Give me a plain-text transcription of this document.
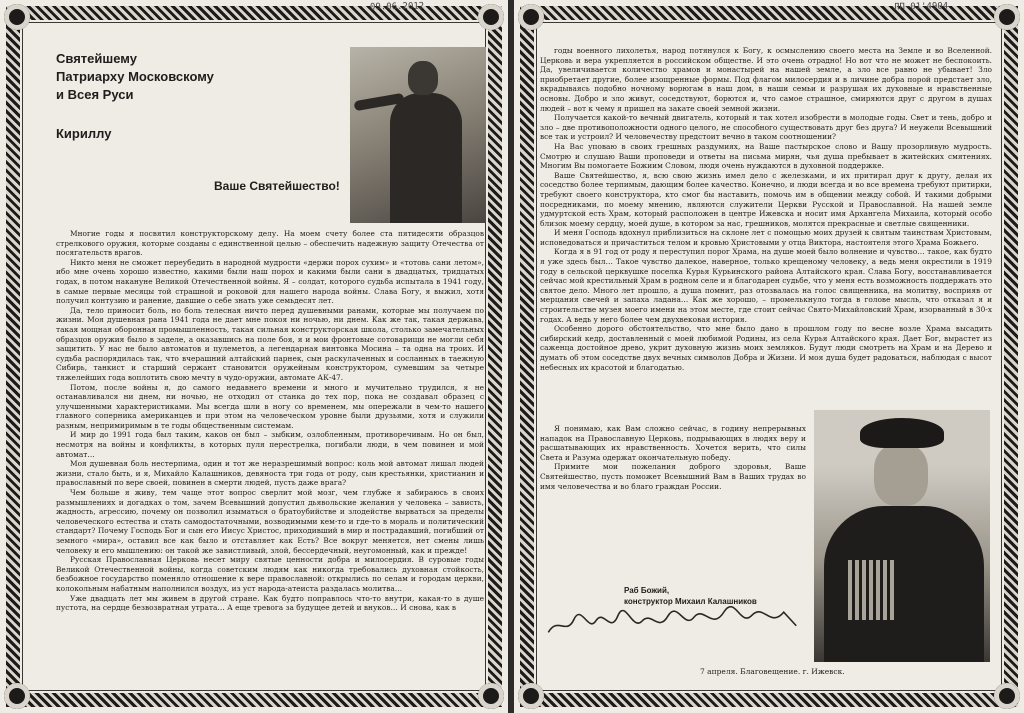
09.06.2012
Святейшему
Патриарху Московскому
и Всея Руси
Кириллу
Ваше Святейшество!

Многие годы я посвятил конструкторскому делу. На моем счету более ста пятидесяти образцов стрелкового оружия, которые созданы с единственной целью – обеспечить надежную защиту Отечества от посягательств врагов.

Никто меня не сможет переубедить в народной мудрости «держи порох сухим» и «тотовь сани летом», ибо мне очень хорошо известно, какими были наш порох и какими были сани в двадцатых, тридцатых годах, в потом накануне Великой Отечественной войны. Я – солдат, которого судьба испытала в 1941 году, в самые первые месяцы той страшной и роковой для нашего народа войны. Слава Богу, я выжил, хотя получил контузию и ранение, давшие о себе знать уже семьдесят лет.

Да, тело приносит боль, но боль телесная ничто перед душевными ранами, которые мы получаем по жизни. Моя душевная рана 1941 года не дает мне покоя ни ночью, ни днем. Как же так, такая держава, такая мощная оборонная промышленность, такая сильная конструкторская школа, столько замечательных образцов оружия было в заделе, а оказавшись на поле боя, я и мои фронтовые сотоварищи не могли себя защитить. У нас не было автоматов и пулеметов, а легендарная винтовка Мосина – та одна на троих. И судьба распорядилась так, что вчерашний алтайский парнек, сын раскулаченных и сосланных в таежную Сибирь, танкист и старший сержант становится оружейным конструктором, сумевшим за четыре тяжелейших года воплотить свою мечту в чудо-оружии, автомате АК-47.

Потом, после войны я, до самого недавнего времени и много и мучительно трудился, я не останавливался ни днем, ни ночью, не отходил от станка до тех пор, пока не создавал образец с улучшенными характеристиками. Мы всегда шли в ногу со временем, мы опережали в чем-то нашего главного соперника американцев и при этом на человеческом уровне были друзьями, хотя и служили разным, непримиримым в те годы общественным системам.

И мир до 1991 года был таким, каков он был – зыбким, озлобленным, противоречивым. Но он был, несмотря на войны и конфликты, в которых пуля перестрелка, погибали люди, в чем повинен и мой автомат…

Моя душевная боль нестерпима, один и тот же неразрешимый вопрос: коль мой автомат лишал людей жизни, стало быть, и я, Михайло Калашников, девяноста три года от роду, сын крестьянки, христианин и православный по вере своей, повинен в смерти людей, пусть даже врага?

Чем больше я живу, тем чаще этот вопрос сверлит мой мозг, чем глубже я забираюсь в своих размышлениях и догадках о том, зачем Всевышний допустил дьявольские желания у человека – зависть, жадность, агрессию, почему он позволил изыматься о братоубийстве и злодействе вырваться за пределы человеческого естества и стать самодостаточными, возводимыми кем-то и где-то в мораль и политический стандарт? Почему Господь Бог и сын его Иисус Христос, приходивший в мир и пострадавший, погибший от земного «мира», оставил все как было и отставляет как Есть? Все вокруг меняется, нет смены лишь человеку и его мышлению: он такой же завистливый, злой, бессердечный, неугомонный, как и прежде!

Русская Православная Церковь несет миру святые ценности добра и милосердия. В суровые годы Великой Отечественной войны, когда советским людям как никогда требовались духовная стойкость, безбожное государство поменяло отношение к вере православной: открылись по селам и городам церкви, колокольным набатным наполнился воздух, из уст народа-атеиста раздалась молитва…

Уже двадцать лет мы живем в другой стране. Как будто поправлось что-то внутри, какая-то в душе пустота, на сердце безвозвратная утрата… А еще тревога за будущее детей и внуков… И снова, как в

ЛП-01'4904

годы военного лихолетья, народ потянулся к Богу, к осмыслению своего места на Земле и во Вселенной. Церковь и вера укрепляется в российском обществе. И это очень отрадно! Но вот что не может не беспокоить. Да, увеличивается количество храмов и монастырей на нашей земле, а зло все равно не убывает! Зло приобретает другие, более изощренные формы. Под флагом милосердия и в личине добра порой предстает зло, вкрадываясь подобно ночному ворюгам в наш дом, в наши семьи и разрушая их духовные и нравственные основы. Добро и зло живут, соседствуют, борются и, что самое страшное, смиряются друг с другом в душах людей – вот к чему я пришел на закате своей земной жизни.

Получается какой-то вечный двигатель, который я так хотел изобрести в молодые годы. Свет и тень, добро и зло – две противоположности одного целого, не способного существовать друг без друга? И неужели Всевышний все так и устроил? И человечеству предстоит вечно в таком соотношении?

На Вас уповаю в своих грешных раздумиях, на Ваше пастырское слово и Вашу прозорливую мудрость. Смотрю и слушаю Ваши проповеди и ответы на письма мирян, чья душа пребывает в житейских смятениях. Многим Вы помогаете Божиим Словом, людя очень нуждаются в духовной поддержке.

Ваше Святейшество, я, всю свою жизнь имел дело с железками, и их притирал друг к другу, делая их соседство более терпимым, дающим более качество. Конечно, и люди всегда и во все времена требуют притирки, требуют своего конструктора, кто смог бы наставить, помочь им в общении между собой. И такими добрыми посредниками, по моему мнению, являются служители Церкви Русской и Православной. На нашей земле удмуртской есть Храм, который расположен в центре Ижевска и носит имя Архангела Михаила, который особо близок моему сердцу, моей душе, в котором за нас, грешников, молятся прекрасные и светлые священники.

И меня Господь вдохнул приблизиться на склоне лет с помощью моих друзей к святым таинствам Христовым, исповедоваться и причаститься телом и кровью Христовыми у отца Виктора, настоятеля этого Храма Божьего.

Когда я в 91 год от роду я переступил порог Храма, на душе моей было волнение и чувство… такое, как будто я уже здесь был… Такое чувство далекое, наверное, только крещеному человеку, а ведь меня окрестили в 1919 году в сельской церквушке поселка Курья Курьинского района Алтайского края. Слава Богу, восстанавливается сейчас мой крестильный Храм в родном селе и я благодарен судьбе, что у меня есть возможность поддержать это святое дело. Много лет прошло, а душа помнит, раз отозвалась на голос священника, на молитву, восприяв от мерцания свечей и запаха ладана… Как же хорошо, – промелькнуло тогда в голове мысль, что отказал я и строительстве музея моего имени на этом месте, где стоит сейчас Свято-Михайловский Храм, изорванный в 30-х годах. А ведь у него более чем двухвековая история.

Особенно дорого обстоятельство, что мне было дано в прошлом году по весне возле Храма высадить сибирский кедр, доставленный с моей любимой Родины, из села Курья Алтайского края. Дает Бог, вырастет из саженца достойное древо, укрит духовную жизнь моих земляков. Будут люди смотреть на Храм и на Дерево и думать об этом соседстве двух вечных символов Добра и Жизни. И моя душа будет радоваться, наблюдая с высот небесных их красотой и благодатью.

Я понимаю, как Вам сложно сейчас, в годину непрерывных нападок на Православную Церковь, подрывающих в людях веру и расшатывающих их нравственность. Хочется верить, что силы Света и Разума одержат окончательную победу.

Примите мои пожелания доброго здоровья, Ваше Святейшество, пусть поможет Всевышний Вам в Ваших трудах во имя человечества и во благо граждан России.

Раб Божий,
конструктор Михаил Калашников
7 апреля. Благовещение. г. Ижевск.
